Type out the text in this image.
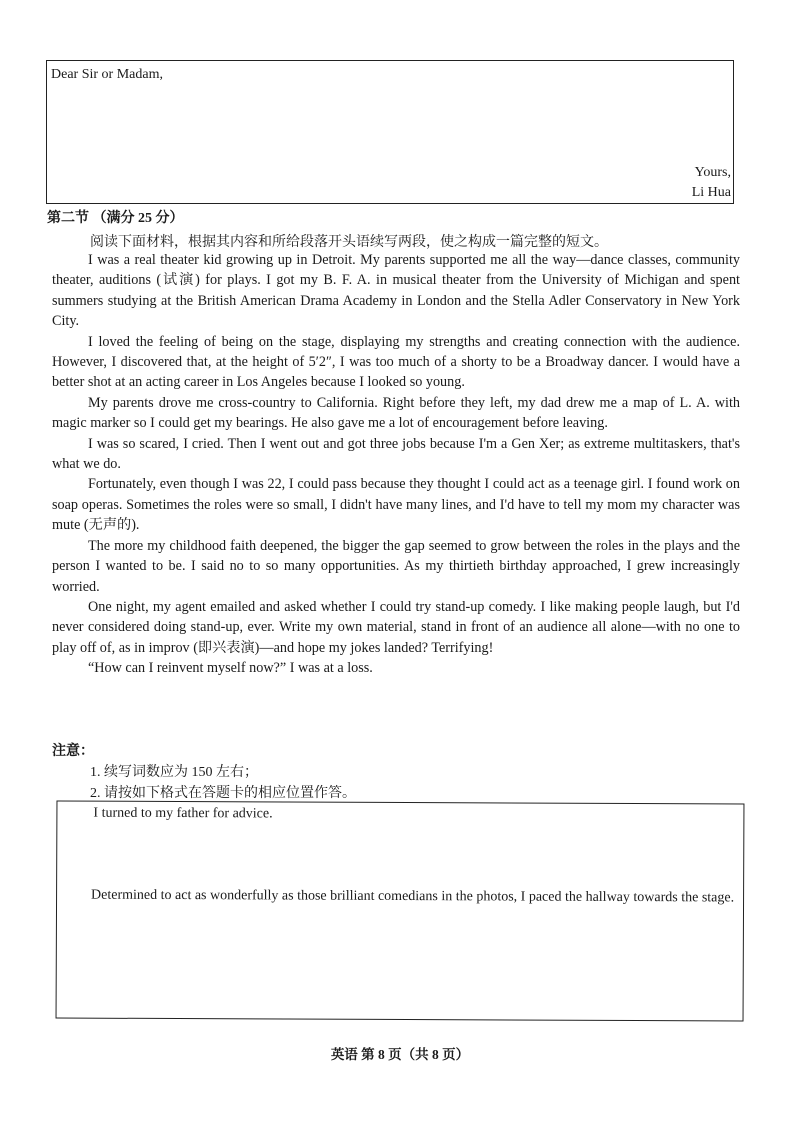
Dear Sir or Madam,
Yours,
Li Hua
第二节 （满分 25 分）
阅读下面材料，根据其内容和所给段落开头语续写两段，使之构成一篇完整的短文。

I was a real theater kid growing up in Detroit. My parents supported me all the way—dance classes, community theater, auditions (试演) for plays. I got my B. F. A. in musical theater from the University of Michigan and spent summers studying at the British American Drama Academy in London and the Stella Adler Conservatory in New York City.

I loved the feeling of being on the stage, displaying my strengths and creating connection with the audience. However, I discovered that, at the height of 5′2″, I was too much of a shorty to be a Broadway dancer. I would have a better shot at an acting career in Los Angeles because I looked so young.

My parents drove me cross-country to California. Right before they left, my dad drew me a map of L. A. with magic marker so I could get my bearings. He also gave me a lot of encouragement before leaving.

I was so scared, I cried. Then I went out and got three jobs because I'm a Gen Xer; as extreme multitaskers, that's what we do.

Fortunately, even though I was 22, I could pass because they thought I could act as a teenage girl. I found work on soap operas. Sometimes the roles were so small, I didn't have many lines, and I'd have to tell my mom my character was mute (无声的).

The more my childhood faith deepened, the bigger the gap seemed to grow between the roles in the plays and the person I wanted to be. I said no to so many opportunities. As my thirtieth birthday approached, I grew increasingly worried.

One night, my agent emailed and asked whether I could try stand-up comedy. I like making people laugh, but I'd never considered doing stand-up, ever. Write my own material, stand in front of an audience all alone—with no one to play off of, as in improv (即兴表演)—and hope my jokes landed? Terrifying!

“How can I reinvent myself now?” I was at a loss.

注意：
1. 续写词数应为 150 左右；
2. 请按如下格式在答题卡的相应位置作答。
I turned to my father for advice.
Determined to act as wonderfully as those brilliant comedians in the photos, I paced the hallway towards the stage.
英语 第 8 页（共 8 页）
